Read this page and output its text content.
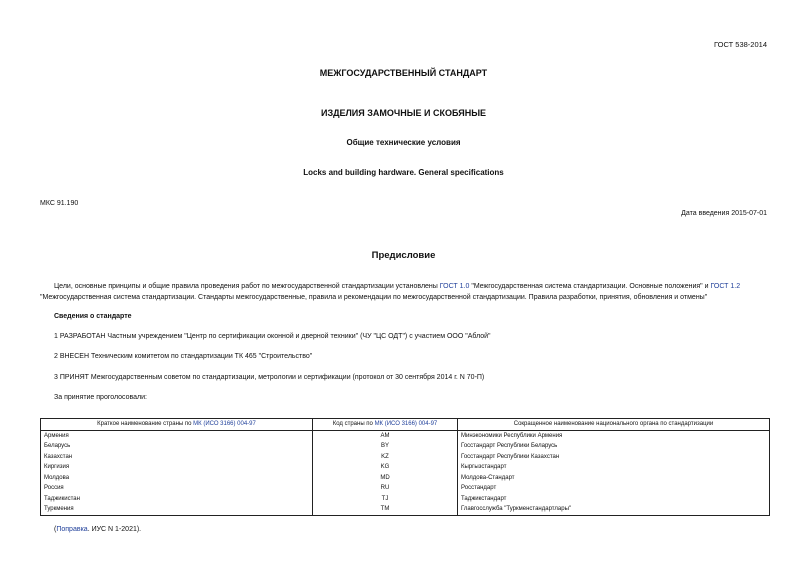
ГОСТ 538-2014
МЕЖГОСУДАРСТВЕННЫЙ СТАНДАРТ
ИЗДЕЛИЯ ЗАМОЧНЫЕ И СКОБЯНЫЕ
Общие технические условия
Locks and building hardware. General specifications
МКС 91.190
Дата введения 2015-07-01
Предисловие
Цели, основные принципы и общие правила проведения работ по межгосударственной стандартизации установлены ГОСТ 1.0 "Межгосударственная система стандартизации. Основные положения" и ГОСТ 1.2 "Межгосударственная система стандартизации. Стандарты межгосударственные, правила и рекомендации по межгосударственной стандартизации. Правила разработки, принятия, обновления и отмены"
Сведения о стандарте
1 РАЗРАБОТАН Частным учреждением "Центр по сертификации оконной и дверной техники" (ЧУ "ЦС ОДТ") с участием ООО "Аблой"
2 ВНЕСЕН Техническим комитетом по стандартизации ТК 465 "Строительство"
3 ПРИНЯТ Межгосударственным советом по стандартизации, метрологии и сертификации (протокол от 30 сентября 2014 г. N 70-П)
За принятие проголосовали:
Краткое наименование страны по МК (ИСО 3166) 004-97	Код страны по МК (ИСО 3166) 004-97	Сокращенное наименование национального органа по стандартизации
Армения	AM	Минэкономики Республики Армения
Беларусь	BY	Госстандарт Республики Беларусь
Казахстан	KZ	Госстандарт Республики Казахстан
Киргизия	KG	Кыргызстандарт
Молдова	MD	Молдова-Стандарт
Россия	RU	Росстандарт
Таджикистан	TJ	Таджикстандарт
Туркмения	TM	Главгосслужба "Туркменстандартлары"
(Поправка. ИУС N 1-2021).
